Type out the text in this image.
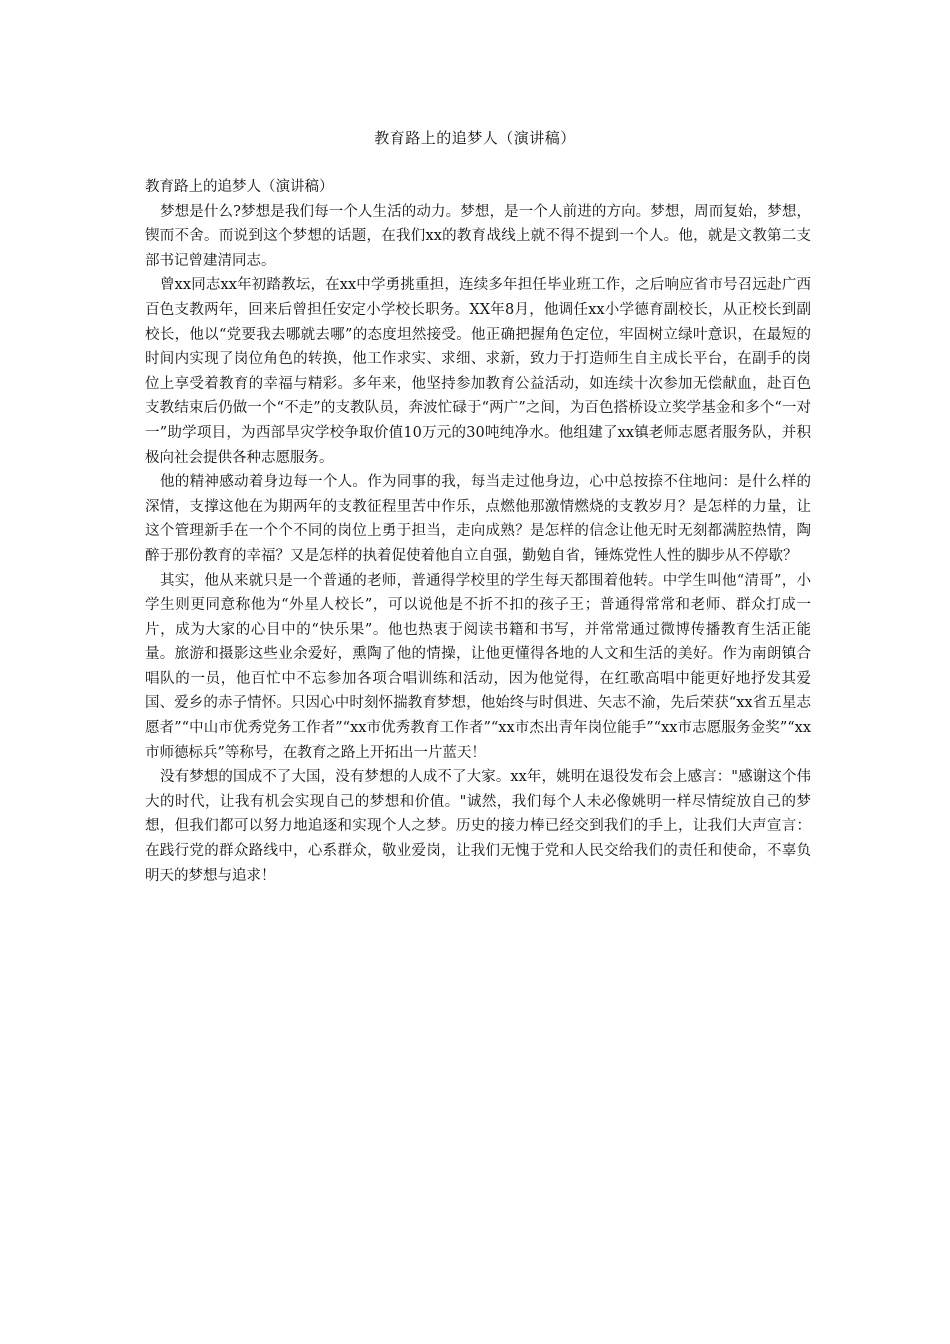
教育路上的追梦人（演讲稿）

教育路上的追梦人（演讲稿）

梦想是什么?梦想是我们每一个人生活的动力。梦想，是一个人前进的方向。梦想，周而复始，梦想，锲而不舍。而说到这个梦想的话题，在我们xx的教育战线上就不得不提到一个人。他，就是文教第二支部书记曾建清同志。

曾xx同志xx年初踏教坛，在xx中学勇挑重担，连续多年担任毕业班工作，之后响应省市号召远赴广西百色支教两年，回来后曾担任安定小学校长职务。XX年8月，他调任xx小学德育副校长，从正校长到副校长，他以“党要我去哪就去哪”的态度坦然接受。他正确把握角色定位，牢固树立绿叶意识，在最短的时间内实现了岗位角色的转换，他工作求实、求细、求新，致力于打造师生自主成长平台，在副手的岗位上享受着教育的幸福与精彩。多年来，他坚持参加教育公益活动，如连续十次参加无偿献血，赴百色支教结束后仍做一个“不走”的支教队员，奔波忙碌于“两广”之间，为百色搭桥设立奖学基金和多个“一对一”助学项目，为西部旱灾学校争取价值10万元的30吨纯净水。他组建了xx镇老师志愿者服务队，并积极向社会提供各种志愿服务。

他的精神感动着身边每一个人。作为同事的我，每当走过他身边，心中总按捺不住地问：是什么样的深情，支撑这他在为期两年的支教征程里苦中作乐，点燃他那激情燃烧的支教岁月？是怎样的力量，让这个管理新手在一个个不同的岗位上勇于担当，走向成熟？是怎样的信念让他无时无刻都满腔热情，陶醉于那份教育的幸福？又是怎样的执着促使着他自立自强，勤勉自省，锤炼党性人性的脚步从不停歇？

其实，他从来就只是一个普通的老师，普通得学校里的学生每天都围着他转。中学生叫他“清哥”，小学生则更同意称他为“外星人校长”，可以说他是不折不扣的孩子王；普通得常常和老师、群众打成一片，成为大家的心目中的“快乐果”。他也热衷于阅读书籍和书写，并常常通过微博传播教育生活正能量。旅游和摄影这些业余爱好，熏陶了他的情操，让他更懂得各地的人文和生活的美好。作为南朗镇合唱队的一员，他百忙中不忘参加各项合唱训练和活动，因为他觉得，在红歌高唱中能更好地抒发其爱国、爱乡的赤子情怀。只因心中时刻怀揣教育梦想，他始终与时俱进、矢志不渝，先后荣获“xx省五星志愿者”“中山市优秀党务工作者”“xx市优秀教育工作者”“xx市杰出青年岗位能手”“xx市志愿服务金奖”“xx市师德标兵”等称号，在教育之路上开拓出一片蓝天！

没有梦想的国成不了大国，没有梦想的人成不了大家。xx年，姚明在退役发布会上感言："感谢这个伟大的时代，让我有机会实现自己的梦想和价值。"诚然，我们每个人未必像姚明一样尽情绽放自己的梦想，但我们都可以努力地追逐和实现个人之梦。历史的接力棒已经交到我们的手上，让我们大声宣言：在践行党的群众路线中，心系群众，敬业爱岗，让我们无愧于党和人民交给我们的责任和使命，不辜负明天的梦想与追求！
